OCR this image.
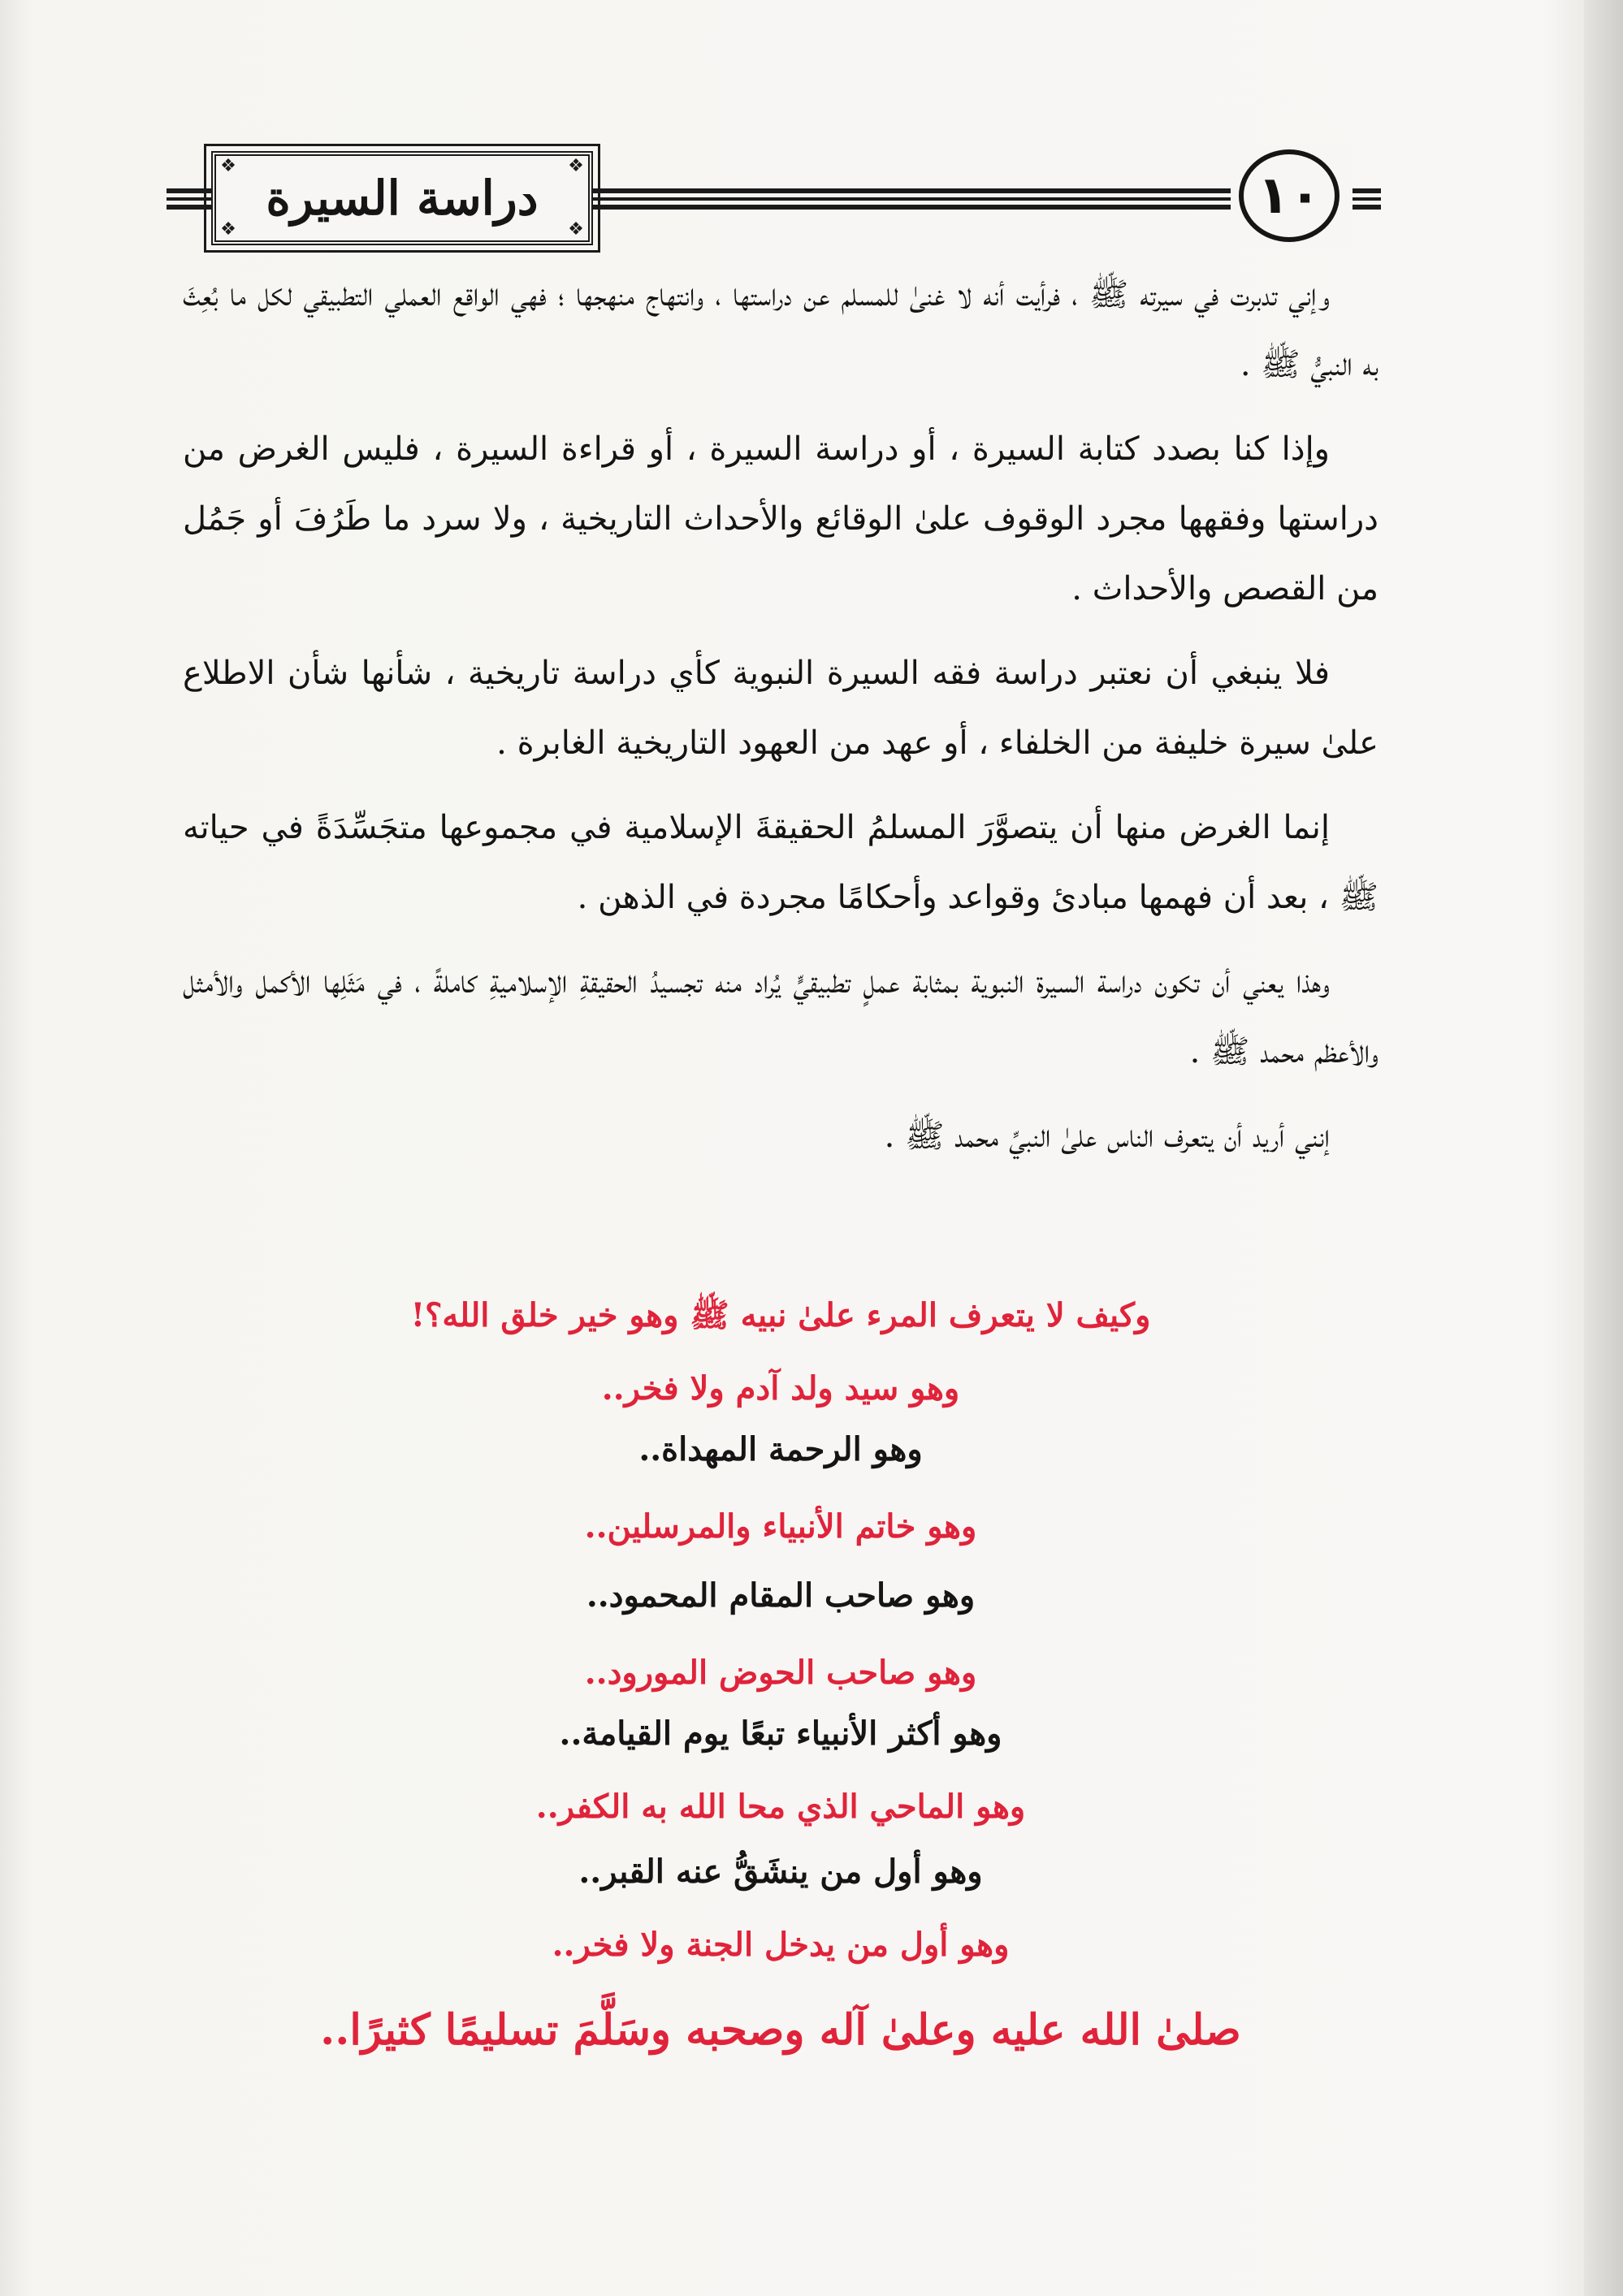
❖	❖
❖	❖
دراسة السيرة	١٠

وإني تدبرت في سيرته ﷺ ، فرأيت أنه لا غنىٰ للمسلم عن دراستها ، وانتهاج منهجها ؛ فهي الواقع العملي التطبيقي لكل ما بُعِثَ به النبيُّ ﷺ .

وإذا كنا بصدد كتابة السيرة ، أو دراسة السيرة ، أو قراءة السيرة ، فليس الغرض من دراستها وفقهها مجرد الوقوف علىٰ الوقائع والأحداث التاريخية ، ولا سرد ما طَرُفَ أو جَمُل من القصص والأحداث .

فلا ينبغي أن نعتبر دراسة فقه السيرة النبوية كأي دراسة تاريخية ، شأنها شأن الاطلاع علىٰ سيرة خليفة من الخلفاء ، أو عهد من العهود التاريخية الغابرة .

إنما الغرض منها أن يتصوَّرَ المسلمُ الحقيقةَ الإسلامية في مجموعها متجَسِّدَةً في حياته ﷺ ، بعد أن فهمها مبادئ وقواعد وأحكامًا مجردة في الذهن .

وهذا يعني أن تكون دراسة السيرة النبوية بمثابة عملٍ تطبيقيٍّ يُراد منه تجسيدُ الحقيقةِ الإسلاميةِ كاملةً ، في مَثَلِها الأكمل والأمثل والأعظم محمد ﷺ .

إنني أريد أن يتعرف الناس علىٰ النبيِّ محمد ﷺ .

وكيف لا يتعرف المرء علىٰ نبيه ﷺ وهو خير خلق الله؟!
وهو سيد ولد آدم ولا فخر..
وهو الرحمة المهداة..
وهو خاتم الأنبياء والمرسلين..
وهو صاحب المقام المحمود..
وهو صاحب الحوض المورود..
وهو أكثر الأنبياء تبعًا يوم القيامة..
وهو الماحي الذي محا الله به الكفر..
وهو أول من ينشَقُّ عنه القبر..
وهو أول من يدخل الجنة ولا فخر..
صلىٰ الله عليه وعلىٰ آله وصحبه وسَلَّمَ تسليمًا كثيرًا..
